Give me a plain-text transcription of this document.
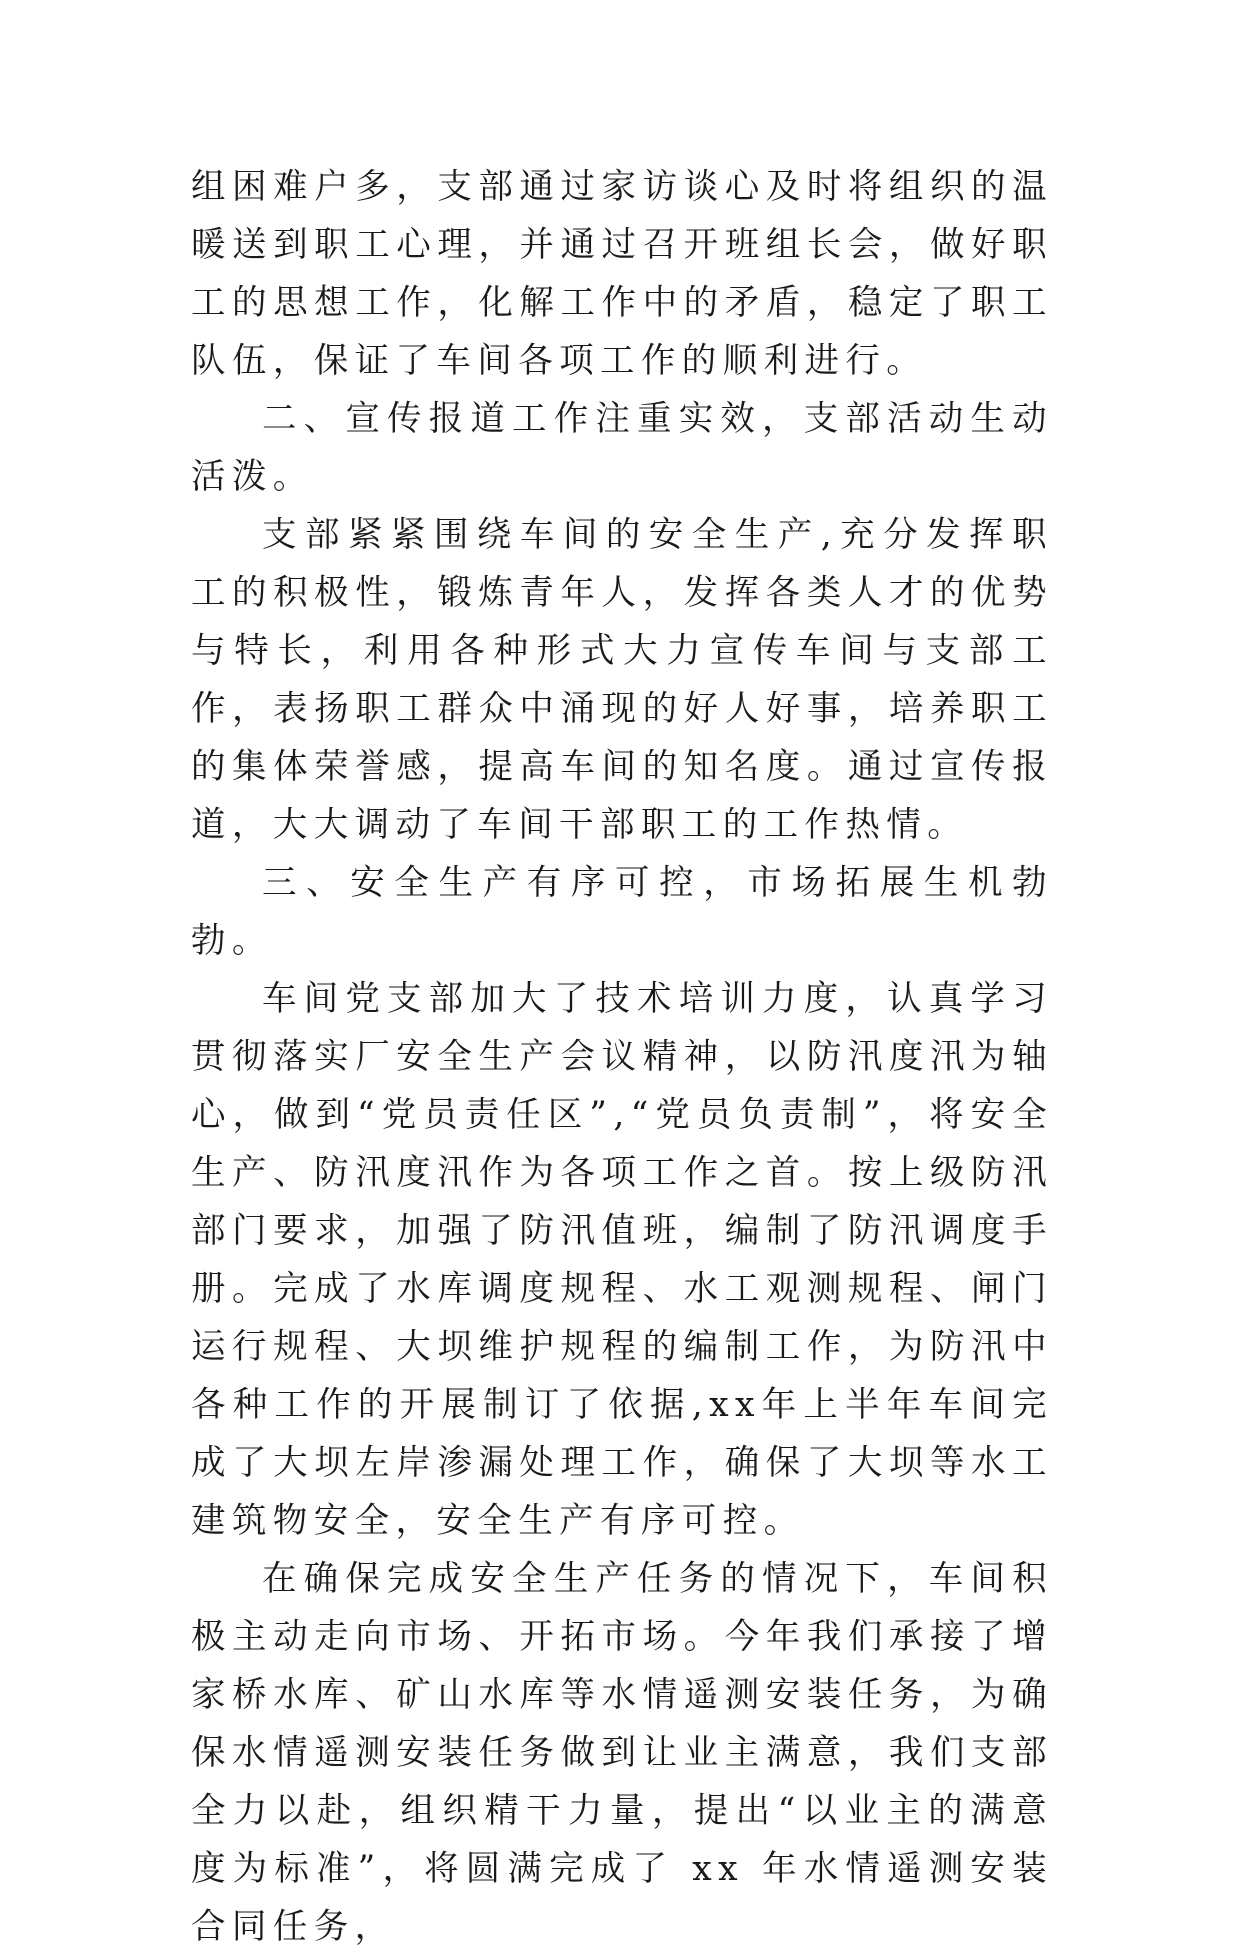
组困难户多，支部通过家访谈心及时将组织的温暖送到职工心理，并通过召开班组长会，做好职工的思想工作，化解工作中的矛盾，稳定了职工队伍，保证了车间各项工作的顺利进行。

二、宣传报道工作注重实效，支部活动生动活泼。

支部紧紧围绕车间的安全生产,充分发挥职工的积极性，锻炼青年人，发挥各类人才的优势与特长，利用各种形式大力宣传车间与支部工作，表扬职工群众中涌现的好人好事，培养职工的集体荣誉感，提高车间的知名度。通过宣传报道，大大调动了车间干部职工的工作热情。

三、安全生产有序可控，市场拓展生机勃勃。

车间党支部加大了技术培训力度，认真学习贯彻落实厂安全生产会议精神，以防汛度汛为轴心，做到“党员责任区”,“党员负责制”，将安全生产、防汛度汛作为各项工作之首。按上级防汛部门要求，加强了防汛值班，编制了防汛调度手册。完成了水库调度规程、水工观测规程、闸门运行规程、大坝维护规程的编制工作，为防汛中各种工作的开展制订了依据,xx年上半年车间完成了大坝左岸渗漏处理工作，确保了大坝等水工建筑物安全，安全生产有序可控。

在确保完成安全生产任务的情况下，车间积极主动走向市场、开拓市场。今年我们承接了增家桥水库、矿山水库等水情遥测安装任务，为确保水情遥测安装任务做到让业主满意，我们支部全力以赴，组织精干力量，提出“以业主的满意度为标准”，将圆满完成了 xx 年水情遥测安装合同任务，
